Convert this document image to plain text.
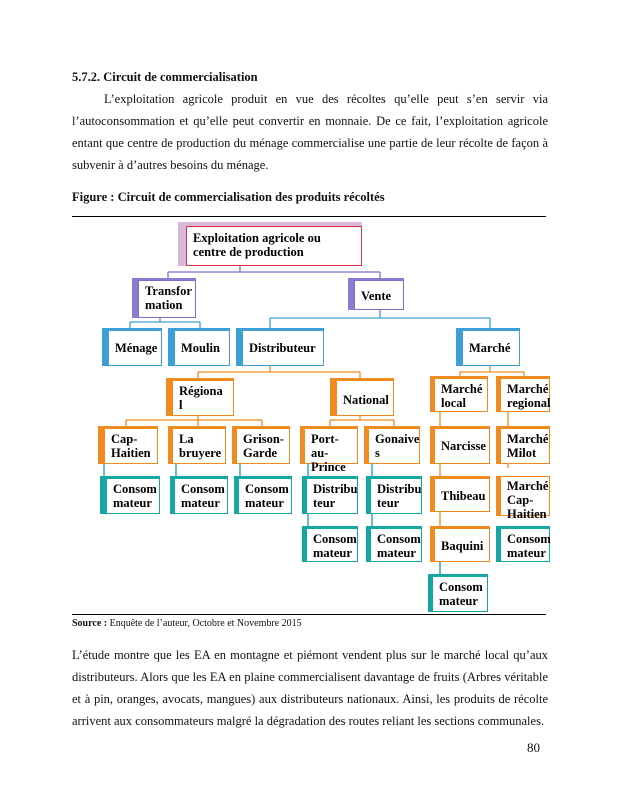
5.7.2. Circuit de commercialisation

L’exploitation agricole produit en vue des récoltes qu’elle peut s’en servir via l’autoconsommation et qu’elle peut convertir en monnaie. De ce fait, l’exploitation agricole entant que centre de production du ménage commercialise une partie de leur récolte de façon à subvenir à d’autres besoins du ménage.

Figure : Circuit de commercialisation des produits récoltés
Exploitation agricole ou centre de production
Transfor mation
Vente
Ménage	Moulin	Distributeur	Marché
Régiona l	National
Marché local
Marché regional
Cap-Haitien
La bruyere
Grison-Garde
Port-au-Prince
Gonaive s	Narcisse	Marché Milot
Consom mateur
Consom mateur
Consom mateur
Distribu teur
Distribu teur	Thibeau
Marché Cap-Haitien
Consom mateur
Consom mateur	Baquini	Consom mateur
Consom mateur
Source : Enquête de l’auteur, Octobre et Novembre 2015

L’étude montre que les EA en montagne et piémont vendent plus sur le marché local qu’aux distributeurs. Alors que les EA en plaine commercialisent davantage de fruits (Arbres véritable et à pin, oranges, avocats, mangues) aux distributeurs nationaux. Ainsi, les produits de récolte arrivent aux consommateurs malgré la dégradation des routes reliant les sections communales.

80
